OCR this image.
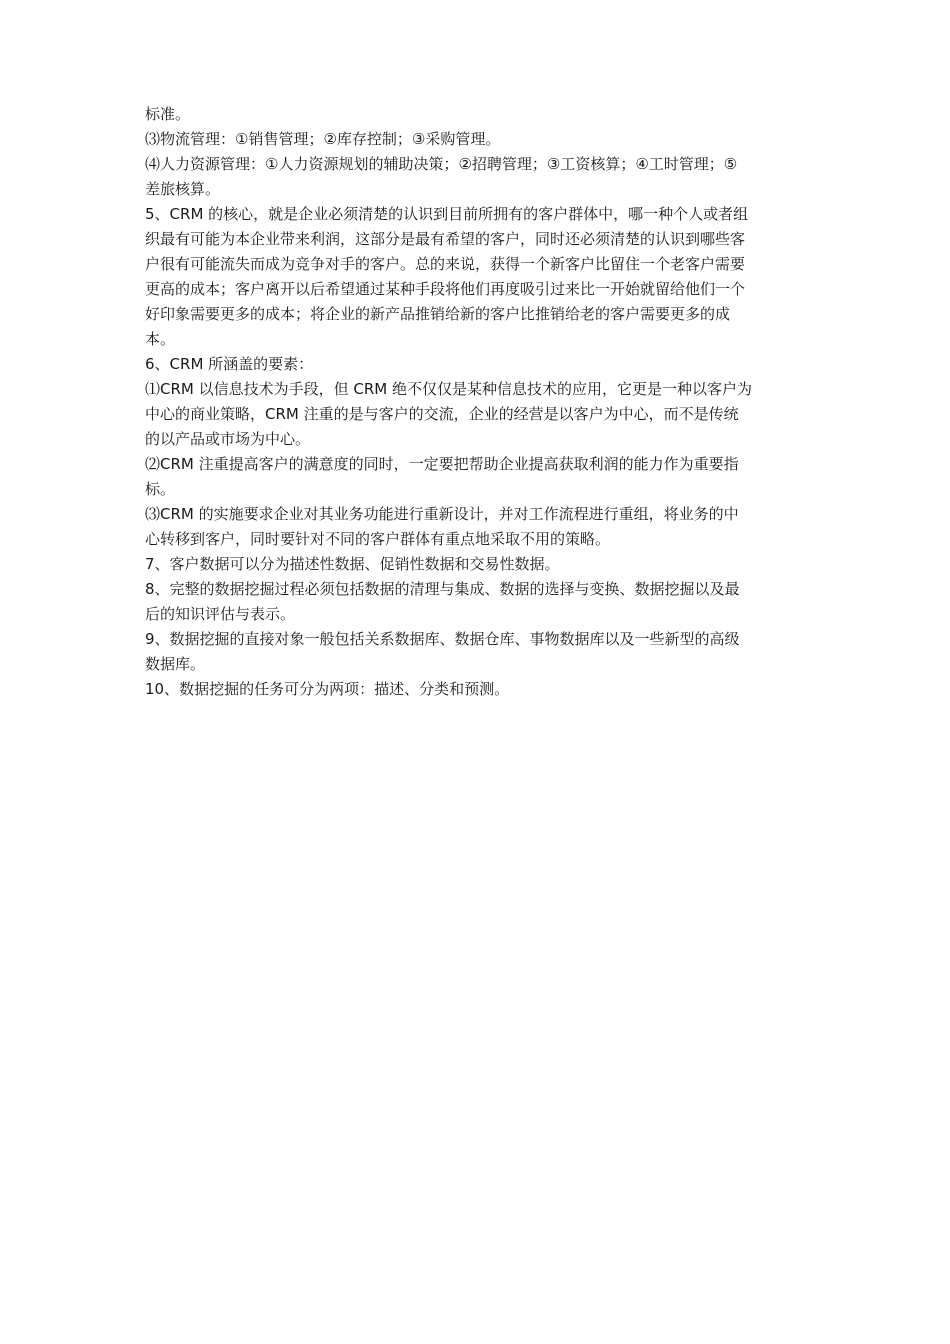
标准。
⑶物流管理：①销售管理；②库存控制；③采购管理。
⑷人力资源管理：①人力资源规划的辅助决策；②招聘管理；③工资核算；④工时管理；⑤
差旅核算。
5、CRM 的核心，就是企业必须清楚的认识到目前所拥有的客户群体中，哪一种个人或者组
织最有可能为本企业带来利润，这部分是最有希望的客户，同时还必须清楚的认识到哪些客
户很有可能流失而成为竞争对手的客户。总的来说，获得一个新客户比留住一个老客户需要
更高的成本；客户离开以后希望通过某种手段将他们再度吸引过来比一开始就留给他们一个
好印象需要更多的成本；将企业的新产品推销给新的客户比推销给老的客户需要更多的成
本。
6、CRM 所涵盖的要素：
⑴CRM 以信息技术为手段，但 CRM 绝不仅仅是某种信息技术的应用，它更是一种以客户为
中心的商业策略，CRM 注重的是与客户的交流，企业的经营是以客户为中心，而不是传统
的以产品或市场为中心。
⑵CRM 注重提高客户的满意度的同时，一定要把帮助企业提高获取利润的能力作为重要指
标。
⑶CRM 的实施要求企业对其业务功能进行重新设计，并对工作流程进行重组，将业务的中
心转移到客户，同时要针对不同的客户群体有重点地采取不用的策略。
7、客户数据可以分为描述性数据、促销性数据和交易性数据。
8、完整的数据挖掘过程必须包括数据的清理与集成、数据的选择与变换、数据挖掘以及最
后的知识评估与表示。
9、数据挖掘的直接对象一般包括关系数据库、数据仓库、事物数据库以及一些新型的高级
数据库。
10、数据挖掘的任务可分为两项：描述、分类和预测。
